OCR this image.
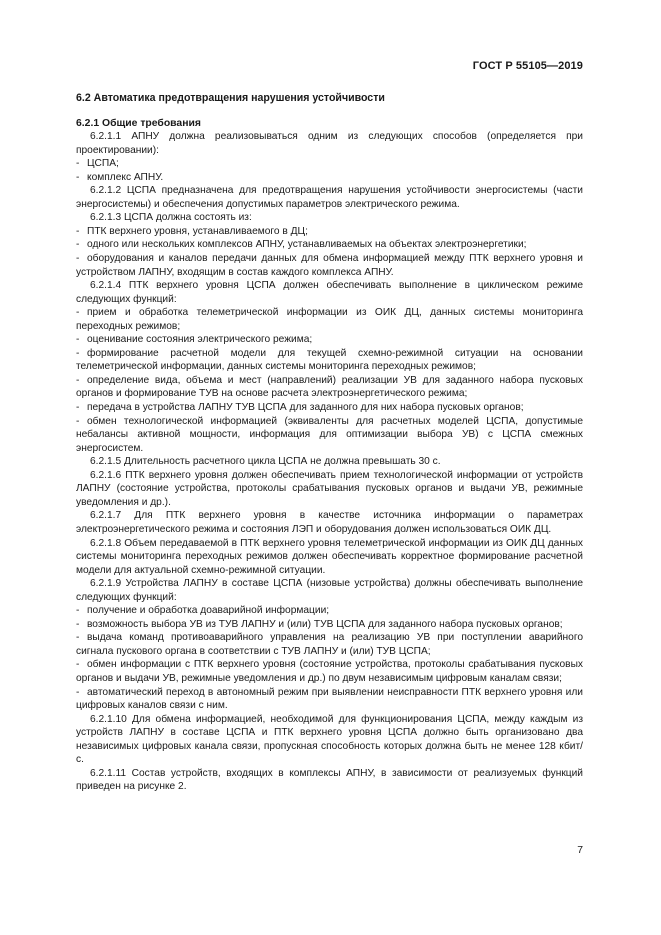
ГОСТ Р 55105—2019
6.2 Автоматика предотвращения нарушения устойчивости
6.2.1 Общие требования
6.2.1.1 АПНУ должна реализовываться одним из следующих способов (определяется при проектировании):
- ЦСПА;
- комплекс АПНУ.
6.2.1.2 ЦСПА предназначена для предотвращения нарушения устойчивости энергосистемы (части энергосистемы) и обеспечения допустимых параметров электрического режима.
6.2.1.3 ЦСПА должна состоять из:
- ПТК верхнего уровня, устанавливаемого в ДЦ;
- одного или нескольких комплексов АПНУ, устанавливаемых на объектах электроэнергетики;
- оборудования и каналов передачи данных для обмена информацией между ПТК верхнего уровня и устройством ЛАПНУ, входящим в состав каждого комплекса АПНУ.
6.2.1.4 ПТК верхнего уровня ЦСПА должен обеспечивать выполнение в циклическом режиме следующих функций:
- прием и обработка телеметрической информации из ОИК ДЦ, данных системы мониторинга переходных режимов;
- оценивание состояния электрического режима;
- формирование расчетной модели для текущей схемно-режимной ситуации на основании телеметрической информации, данных системы мониторинга переходных режимов;
- определение вида, объема и мест (направлений) реализации УВ для заданного набора пусковых органов и формирование ТУВ на основе расчета электроэнергетического режима;
- передача в устройства ЛАПНУ ТУВ ЦСПА для заданного для них набора пусковых органов;
- обмен технологической информацией (эквиваленты для расчетных моделей ЦСПА, допустимые небалансы активной мощности, информация для оптимизации выбора УВ) с ЦСПА смежных энергосистем.
6.2.1.5 Длительность расчетного цикла ЦСПА не должна превышать 30 с.
6.2.1.6 ПТК верхнего уровня должен обеспечивать прием технологической информации от устройств ЛАПНУ (состояние устройства, протоколы срабатывания пусковых органов и выдачи УВ, режимные уведомления и др.).
6.2.1.7 Для ПТК верхнего уровня в качестве источника информации о параметрах электроэнергетического режима и состояния ЛЭП и оборудования должен использоваться ОИК ДЦ.
6.2.1.8 Объем передаваемой в ПТК верхнего уровня телеметрической информации из ОИК ДЦ данных системы мониторинга переходных режимов должен обеспечивать корректное формирование расчетной модели для актуальной схемно-режимной ситуации.
6.2.1.9 Устройства ЛАПНУ в составе ЦСПА (низовые устройства) должны обеспечивать выполнение следующих функций:
- получение и обработка доаварийной информации;
- возможность выбора УВ из ТУВ ЛАПНУ и (или) ТУВ ЦСПА для заданного набора пусковых органов;
- выдача команд противоаварийного управления на реализацию УВ при поступлении аварийного сигнала пускового органа в соответствии с ТУВ ЛАПНУ и (или) ТУВ ЦСПА;
- обмен информации с ПТК верхнего уровня (состояние устройства, протоколы срабатывания пусковых органов и выдачи УВ, режимные уведомления и др.) по двум независимым цифровым каналам связи;
- автоматический переход в автономный режим при выявлении неисправности ПТК верхнего уровня или цифровых каналов связи с ним.
6.2.1.10 Для обмена информацией, необходимой для функционирования ЦСПА, между каждым из устройств ЛАПНУ в составе ЦСПА и ПТК верхнего уровня ЦСПА должно быть организовано два независимых цифровых канала связи, пропускная способность которых должна быть не менее 128 кбит/с.
6.2.1.11 Состав устройств, входящих в комплексы АПНУ, в зависимости от реализуемых функций приведен на рисунке 2.
7
